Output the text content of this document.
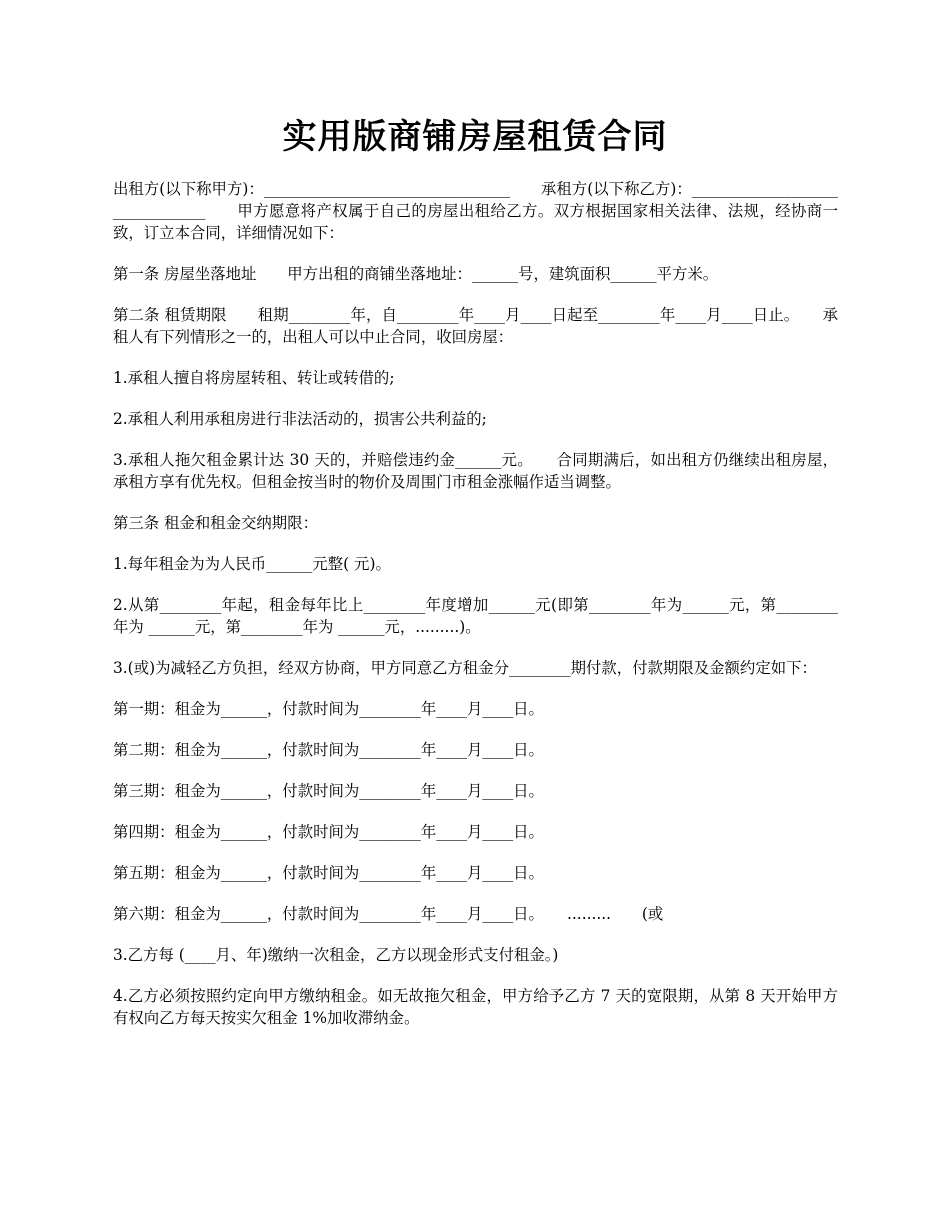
实用版商铺房屋租赁合同

出租方(以下称甲方)：________________________________　　承租方(以下称乙方)：_______________________________　　甲方愿意将产权属于自己的房屋出租给乙方。双方根据国家相关法律、法规，经协商一致，订立本合同，详细情况如下：

第一条 房屋坐落地址　　甲方出租的商铺坐落地址：______号，建筑面积______平方米。

第二条 租赁期限　　租期________年，自________年____月____日起至________年____月____日止。　　承租人有下列情形之一的，出租人可以中止合同，收回房屋：

1.承租人擅自将房屋转租、转让或转借的;

2.承租人利用承租房进行非法活动的，损害公共利益的;

3.承租人拖欠租金累计达 30 天的，并赔偿违约金______元。　　合同期满后，如出租方仍继续出租房屋，承租方享有优先权。但租金按当时的物价及周围门市租金涨幅作适当调整。

第三条 租金和租金交纳期限：

1.每年租金为为人民币______元整( 元)。

2.从第________年起，租金每年比上________年度增加______元(即第________年为______元，第________年为 ______元，第________年为 ______元，.........)。

3.(或)为减轻乙方负担，经双方协商，甲方同意乙方租金分________期付款，付款期限及金额约定如下：

第一期：租金为______，付款时间为________年____月____日。

第二期：租金为______，付款时间为________年____月____日。

第三期：租金为______，付款时间为________年____月____日。

第四期：租金为______，付款时间为________年____月____日。

第五期：租金为______，付款时间为________年____月____日。

第六期：租金为______，付款时间为________年____月____日。　　.........　　(或

3.乙方每 (____月、年)缴纳一次租金，乙方以现金形式支付租金。)

4.乙方必须按照约定向甲方缴纳租金。如无故拖欠租金，甲方给予乙方 7 天的宽限期，从第 8 天开始甲方有权向乙方每天按实欠租金 1%加收滞纳金。
